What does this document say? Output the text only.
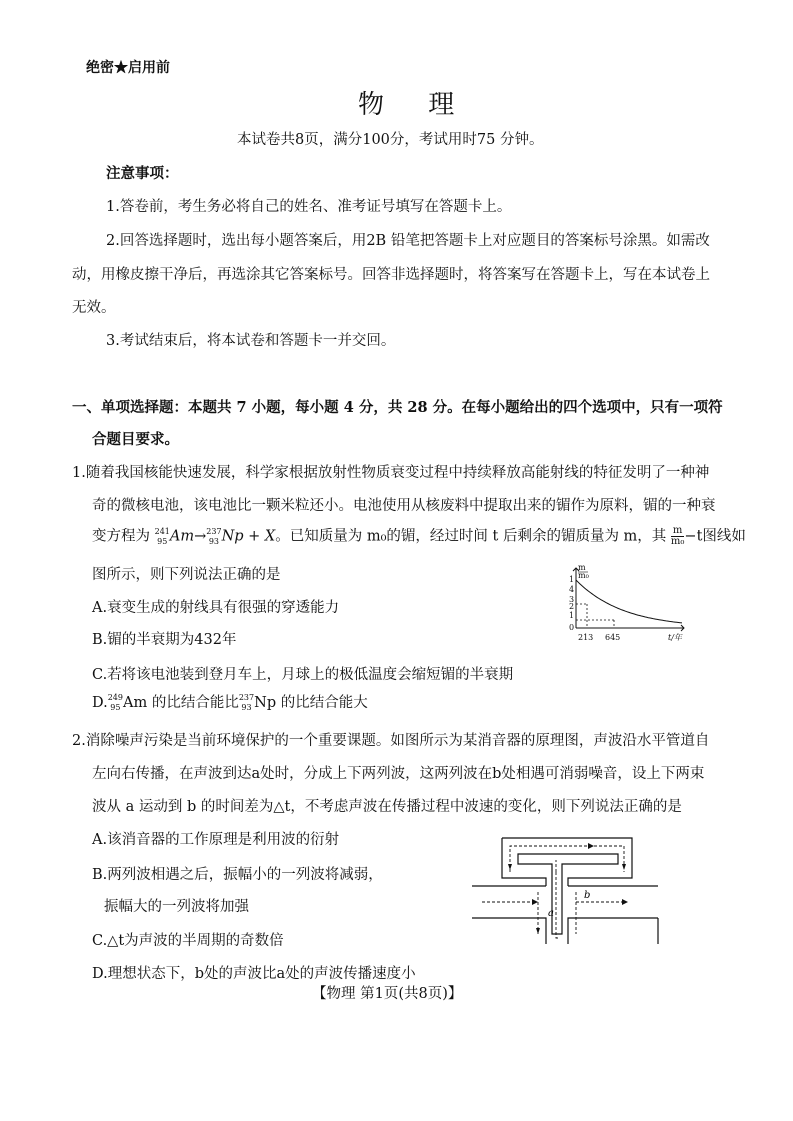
绝密★启用前
物 理
本试卷共8页，满分100分，考试用时75 分钟。
注意事项：
1.答卷前，考生务必将自己的姓名、准考证号填写在答题卡上。
2.回答选择题时，选出每小题答案后，用2B 铅笔把答题卡上对应题目的答案标号涂黑。如需改
动，用橡皮擦干净后，再选涂其它答案标号。回答非选择题时，将答案写在答题卡上，写在本试卷上
无效。
3.考试结束后，将本试卷和答题卡一并交回。
一、单项选择题：本题共 7 小题，每小题 4 分，共 28 分。在每小题给出的四个选项中，只有一项符
合题目要求。
1.随着我国核能快速发展，科学家根据放射性物质衰变过程中持续释放高能射线的特征发明了一种神
奇的微核电池，该电池比一颗米粒还小。电池使用从核废料中提取出来的镅作为原料，镅的一种衰
变方程为 241
95 Am→ 237
93 Np + X。已知质量为 m₀的镅，经过时间 t 后剩余的镅质量为 m，其 $\frac{m}{\text{m₀}} -t$图线如
图所示，则下列说法正确的是
A.衰变生成的射线具有很强的穿透能力
B.镅的半衰期为432年
C.若将该电池装到登月车上，月球上的极低温度会缩短镅的半衰期
D. 249
95 Am 的比结合能比 237
93 Np 的比结合能大
m
m₀
1
4
3
2
1
0
213 645	t/年
2.消除噪声污染是当前环境保护的一个重要课题。如图所示为某消音器的原理图，声波沿水平管道自
左向右传播，在声波到达a处时，分成上下两列波，这两列波在b处相遇可消弱噪音，设上下两束
波从 a 运动到 b 的时间差为△t，不考虑声波在传播过程中波速的变化，则下列说法正确的是
A.该消音器的工作原理是利用波的衍射
B.两列波相遇之后，振幅小的一列波将减弱，
振幅大的一列波将加强
C.△t为声波的半周期的奇数倍
D.理想状态下，b处的声波比a处的声波传播速度小
a
b
【物理 第1页(共8页)】
